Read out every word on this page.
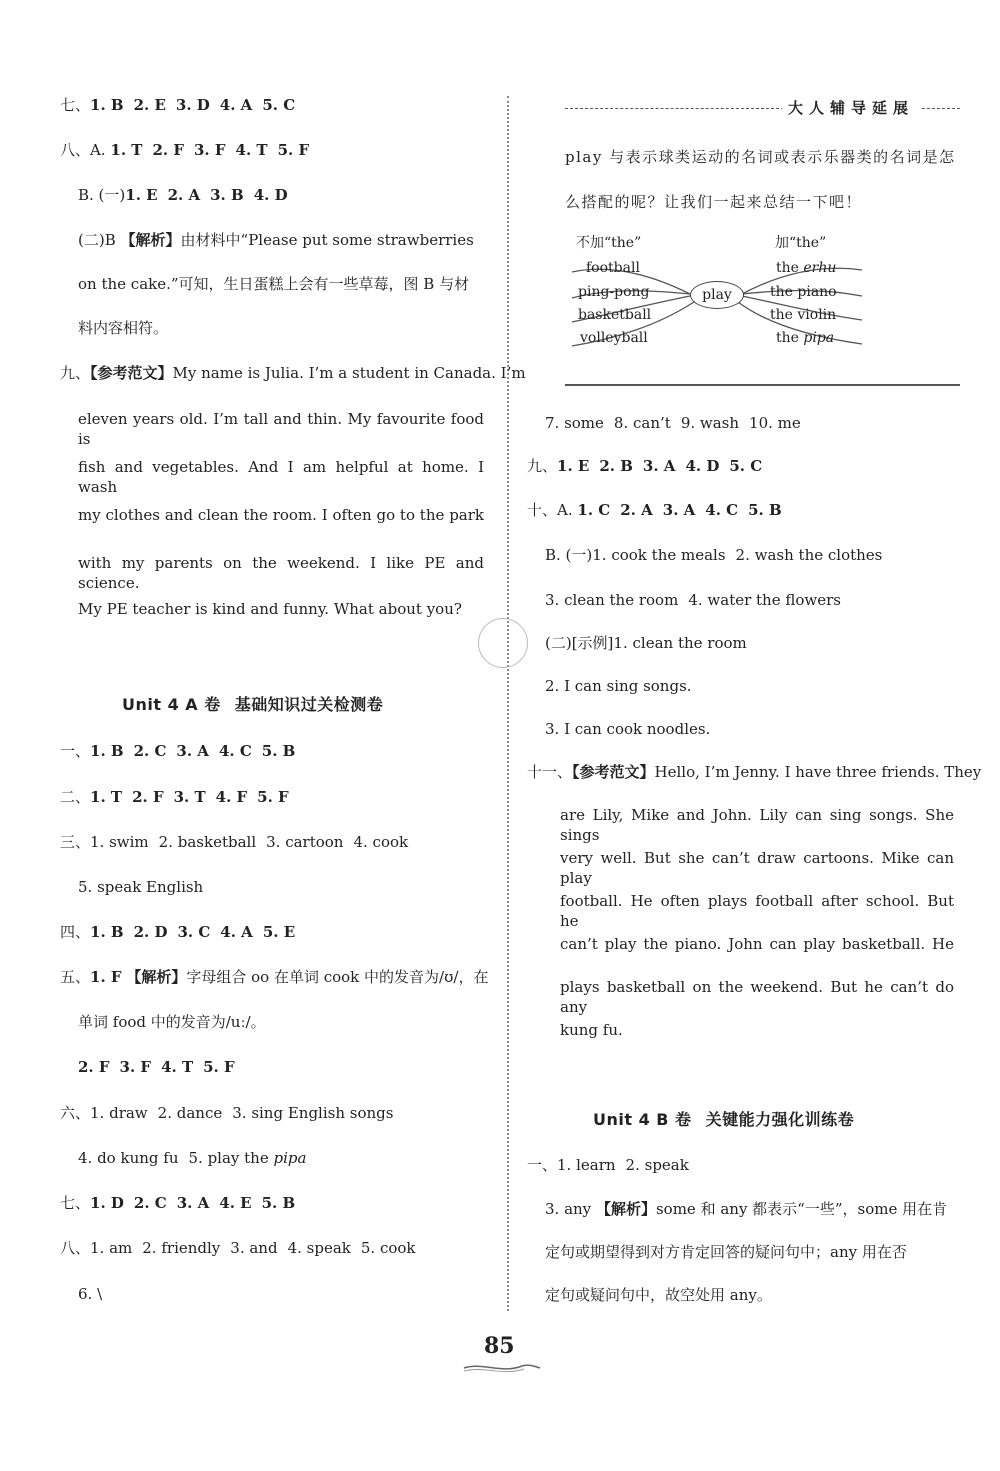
七、1. B 2. E 3. D 4. A 5. C
八、A. 1. T 2. F 3. F 4. T 5. F
B. (一)1. E 2. A 3. B 4. D
(二)B 【解析】由材料中“Please put some strawberries
on the cake.”可知，生日蛋糕上会有一些草莓，图 B 与材
料内容相符。
九、【参考范文】My name is Julia. I’m a student in Canada. I’m
eleven years old. I’m tall and thin. My favourite food is
fish and vegetables. And I am helpful at home. I wash
my clothes and clean the room. I often go to the park
with my parents on the weekend. I like PE and science.
My PE teacher is kind and funny. What about you?
Unit 4 A 卷 基础知识过关检测卷
一、1. B 2. C 3. A 4. C 5. B
二、1. T 2. F 3. T 4. F 5. F
三、1. swim 2. basketball 3. cartoon 4. cook
5. speak English
四、1. B 2. D 3. C 4. A 5. E
五、1. F 【解析】字母组合 oo 在单词 cook 中的发音为/ʊ/，在
单词 food 中的发音为/uː/。
2. F 3. F 4. T 5. F
六、1. draw 2. dance 3. sing English songs
4. do kung fu 5. play the pipa
七、1. D 2. C 3. A 4. E 5. B
八、1. am 2. friendly 3. and 4. speak 5. cook
6. \
大人辅导延展
play 与表示球类运动的名词或表示乐器类的名词是怎
么搭配的呢？让我们一起来总结一下吧！
不加“the”	加“the”
football
ping-pong
basketball
volleyball
play
the erhu
the piano
the violin
the pipa
7. some 8. can’t 9. wash 10. me
九、1. E 2. B 3. A 4. D 5. C
十、A. 1. C 2. A 3. A 4. C 5. B
B. (一)1. cook the meals 2. wash the clothes
3. clean the room 4. water the flowers
(二)[示例]1. clean the room
2. I can sing songs.
3. I can cook noodles.
十一、【参考范文】Hello, I’m Jenny. I have three friends. They
are Lily, Mike and John. Lily can sing songs. She sings
very well. But she can’t draw cartoons. Mike can play
football. He often plays football after school. But he
can’t play the piano. John can play basketball. He
plays basketball on the weekend. But he can’t do any
kung fu.
Unit 4 B 卷 关键能力强化训练卷
一、1. learn 2. speak
3. any 【解析】some 和 any 都表示“一些”，some 用在肯
定句或期望得到对方肯定回答的疑问句中；any 用在否
定句或疑问句中，故空处用 any。
85
